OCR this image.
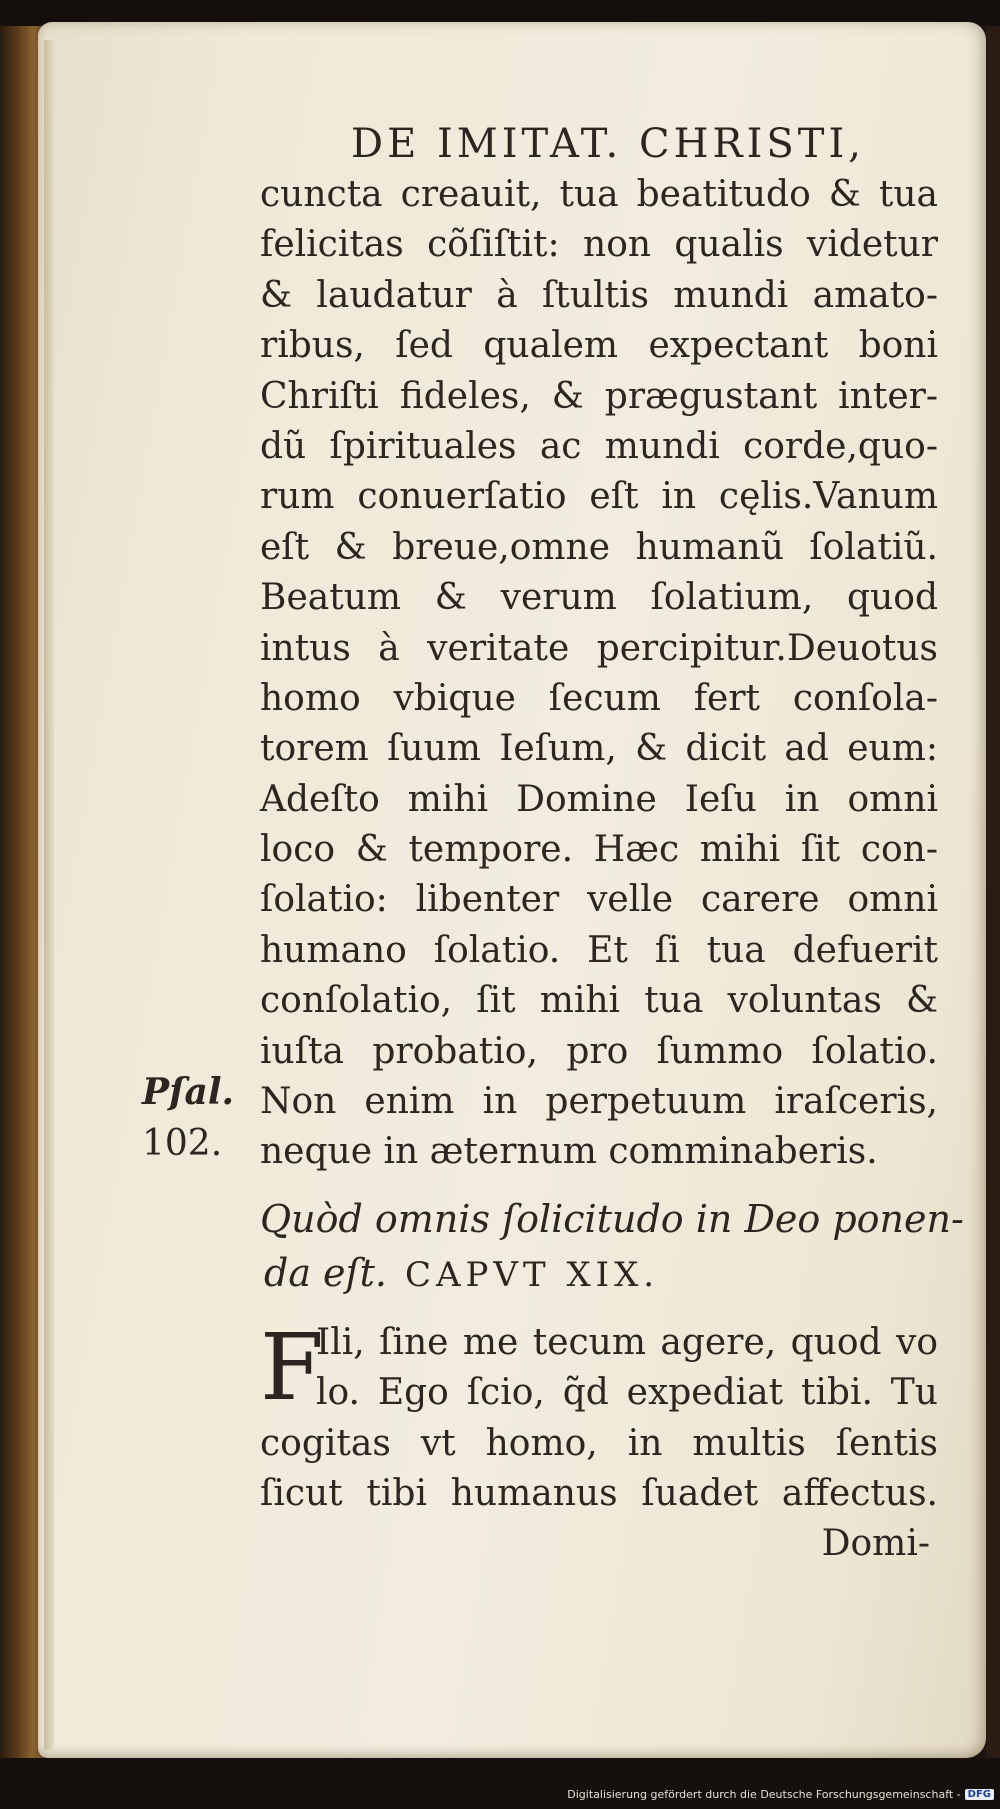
DE IMITAT. CHRISTI,
cuncta creauit, tua beatitudo & tua
felicitas cõſiſtit: non qualis videtur
& laudatur à ſtultis mundi amato-
ribus, ſed qualem expectant boni
Chriſti fideles, & prægustant inter-
dũ ſpirituales ac mundi corde,quo-
rum conuerſatio eſt in cęlis.Vanum
eſt & breue,omne humanũ ſolatiũ.
Beatum & verum ſolatium, quod
intus à veritate percipitur.Deuotus
homo vbique ſecum fert conſola-
torem ſuum Ieſum, & dicit ad eum:
Adeſto mihi Domine Ieſu in omni
loco & tempore. Hæc mihi ſit con-
ſolatio: libenter velle carere omni
humano ſolatio. Et ſi tua defuerit
conſolatio, ſit mihi tua voluntas &
iuſta probatio, pro ſummo ſolatio.
Non enim in perpetuum iraſceris,
neque in æternum comminaberis.
Quòd omnis ſolicitudo in Deo ponen-
da eſt. CAPVT XIX.
F
Ili, ſine me tecum agere, quod vo
lo. Ego ſcio, q̃d expediat tibi. Tu
cogitas vt homo, in multis ſentis
ſicut tibi humanus ſuadet affectus.
Domi-
Pſal.
102.
Digitalisierung gefördert durch die Deutsche Forschungsgemeinschaft - DFG
